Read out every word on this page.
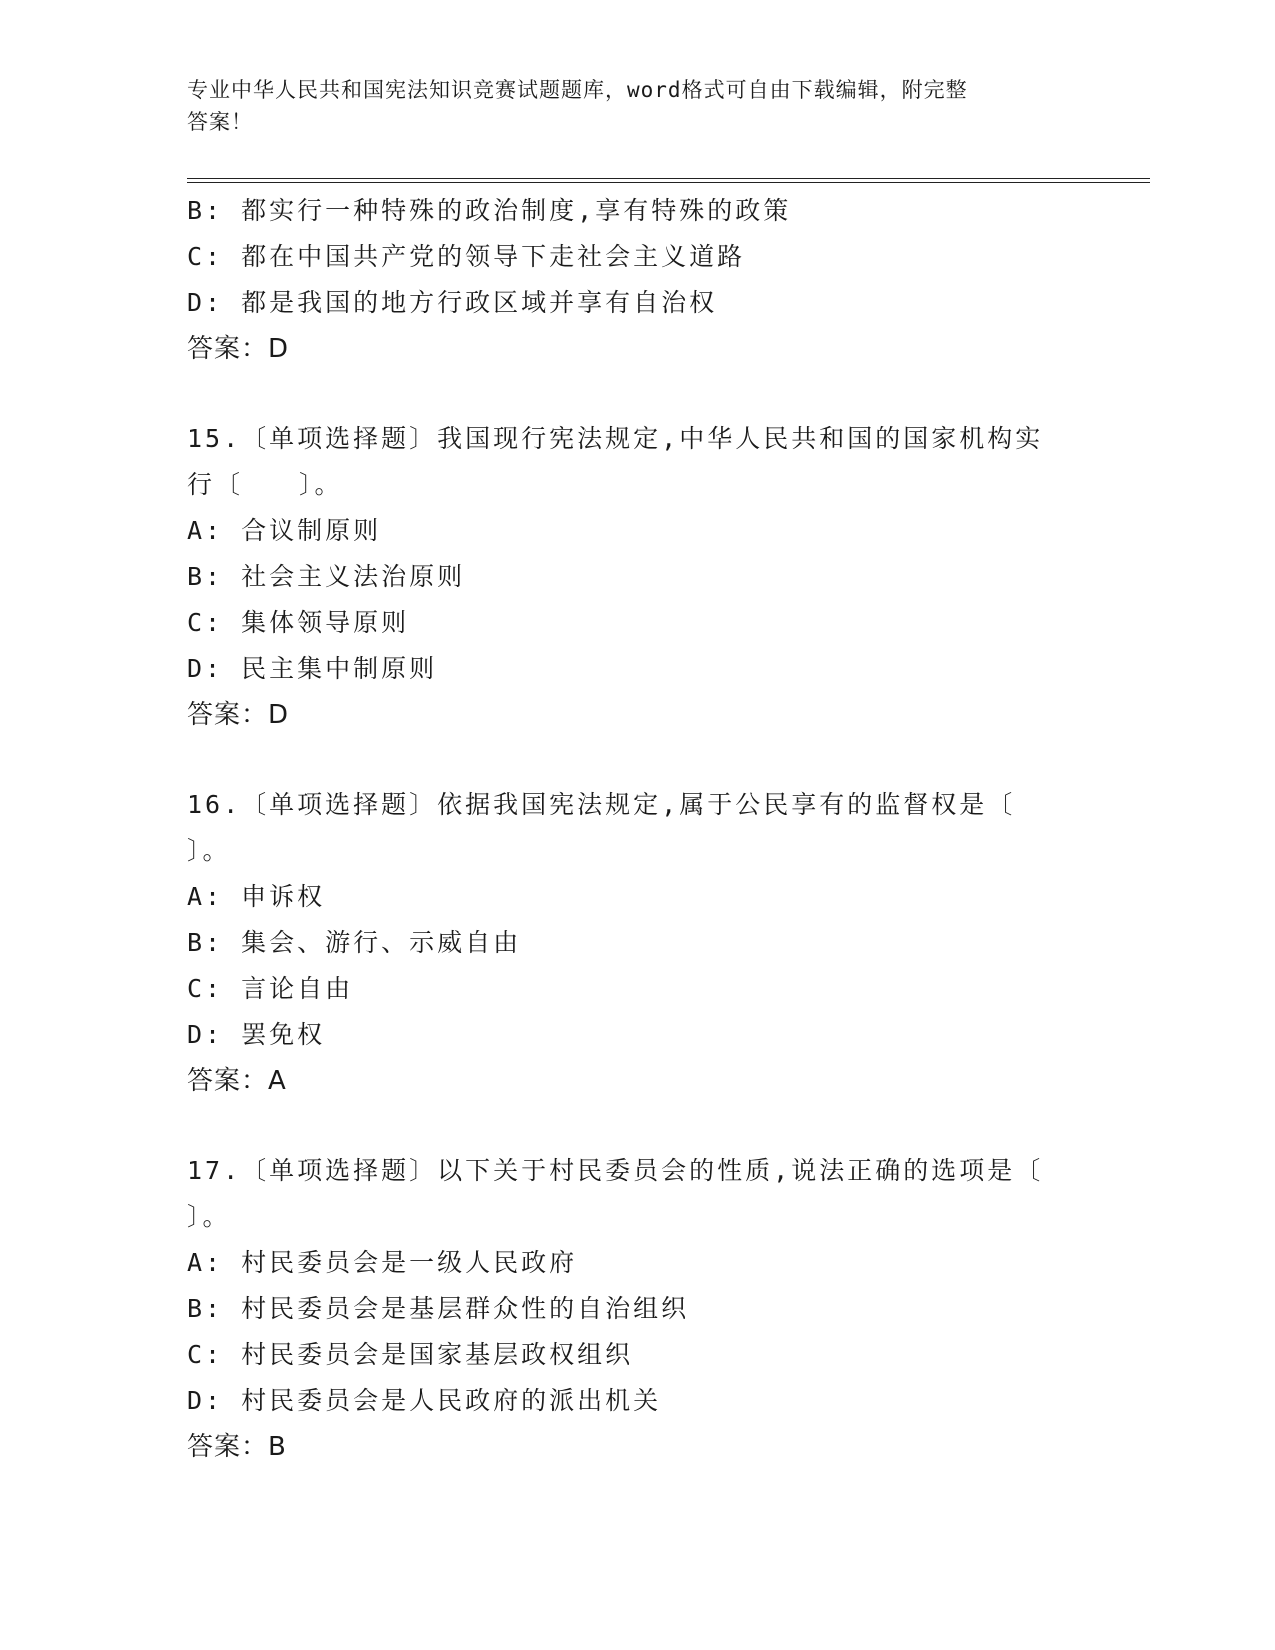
专业中华人民共和国宪法知识竞赛试题题库，word格式可自由下载编辑，附完整
答案！
B: 都实行一种特殊的政治制度,享有特殊的政策
C: 都在中国共产党的领导下走社会主义道路
D: 都是我国的地方行政区域并享有自治权
答案：D
15.〔单项选择题〕我国现行宪法规定,中华人民共和国的国家机构实
行〔　　〕。
A: 合议制原则
B: 社会主义法治原则
C: 集体领导原则
D: 民主集中制原则
答案：D
16.〔单项选择题〕依据我国宪法规定,属于公民享有的监督权是〔
〕。
A: 申诉权
B: 集会、游行、示威自由
C: 言论自由
D: 罢免权
答案：A
17.〔单项选择题〕以下关于村民委员会的性质,说法正确的选项是〔
〕。
A: 村民委员会是一级人民政府
B: 村民委员会是基层群众性的自治组织
C: 村民委员会是国家基层政权组织
D: 村民委员会是人民政府的派出机关
答案：B
